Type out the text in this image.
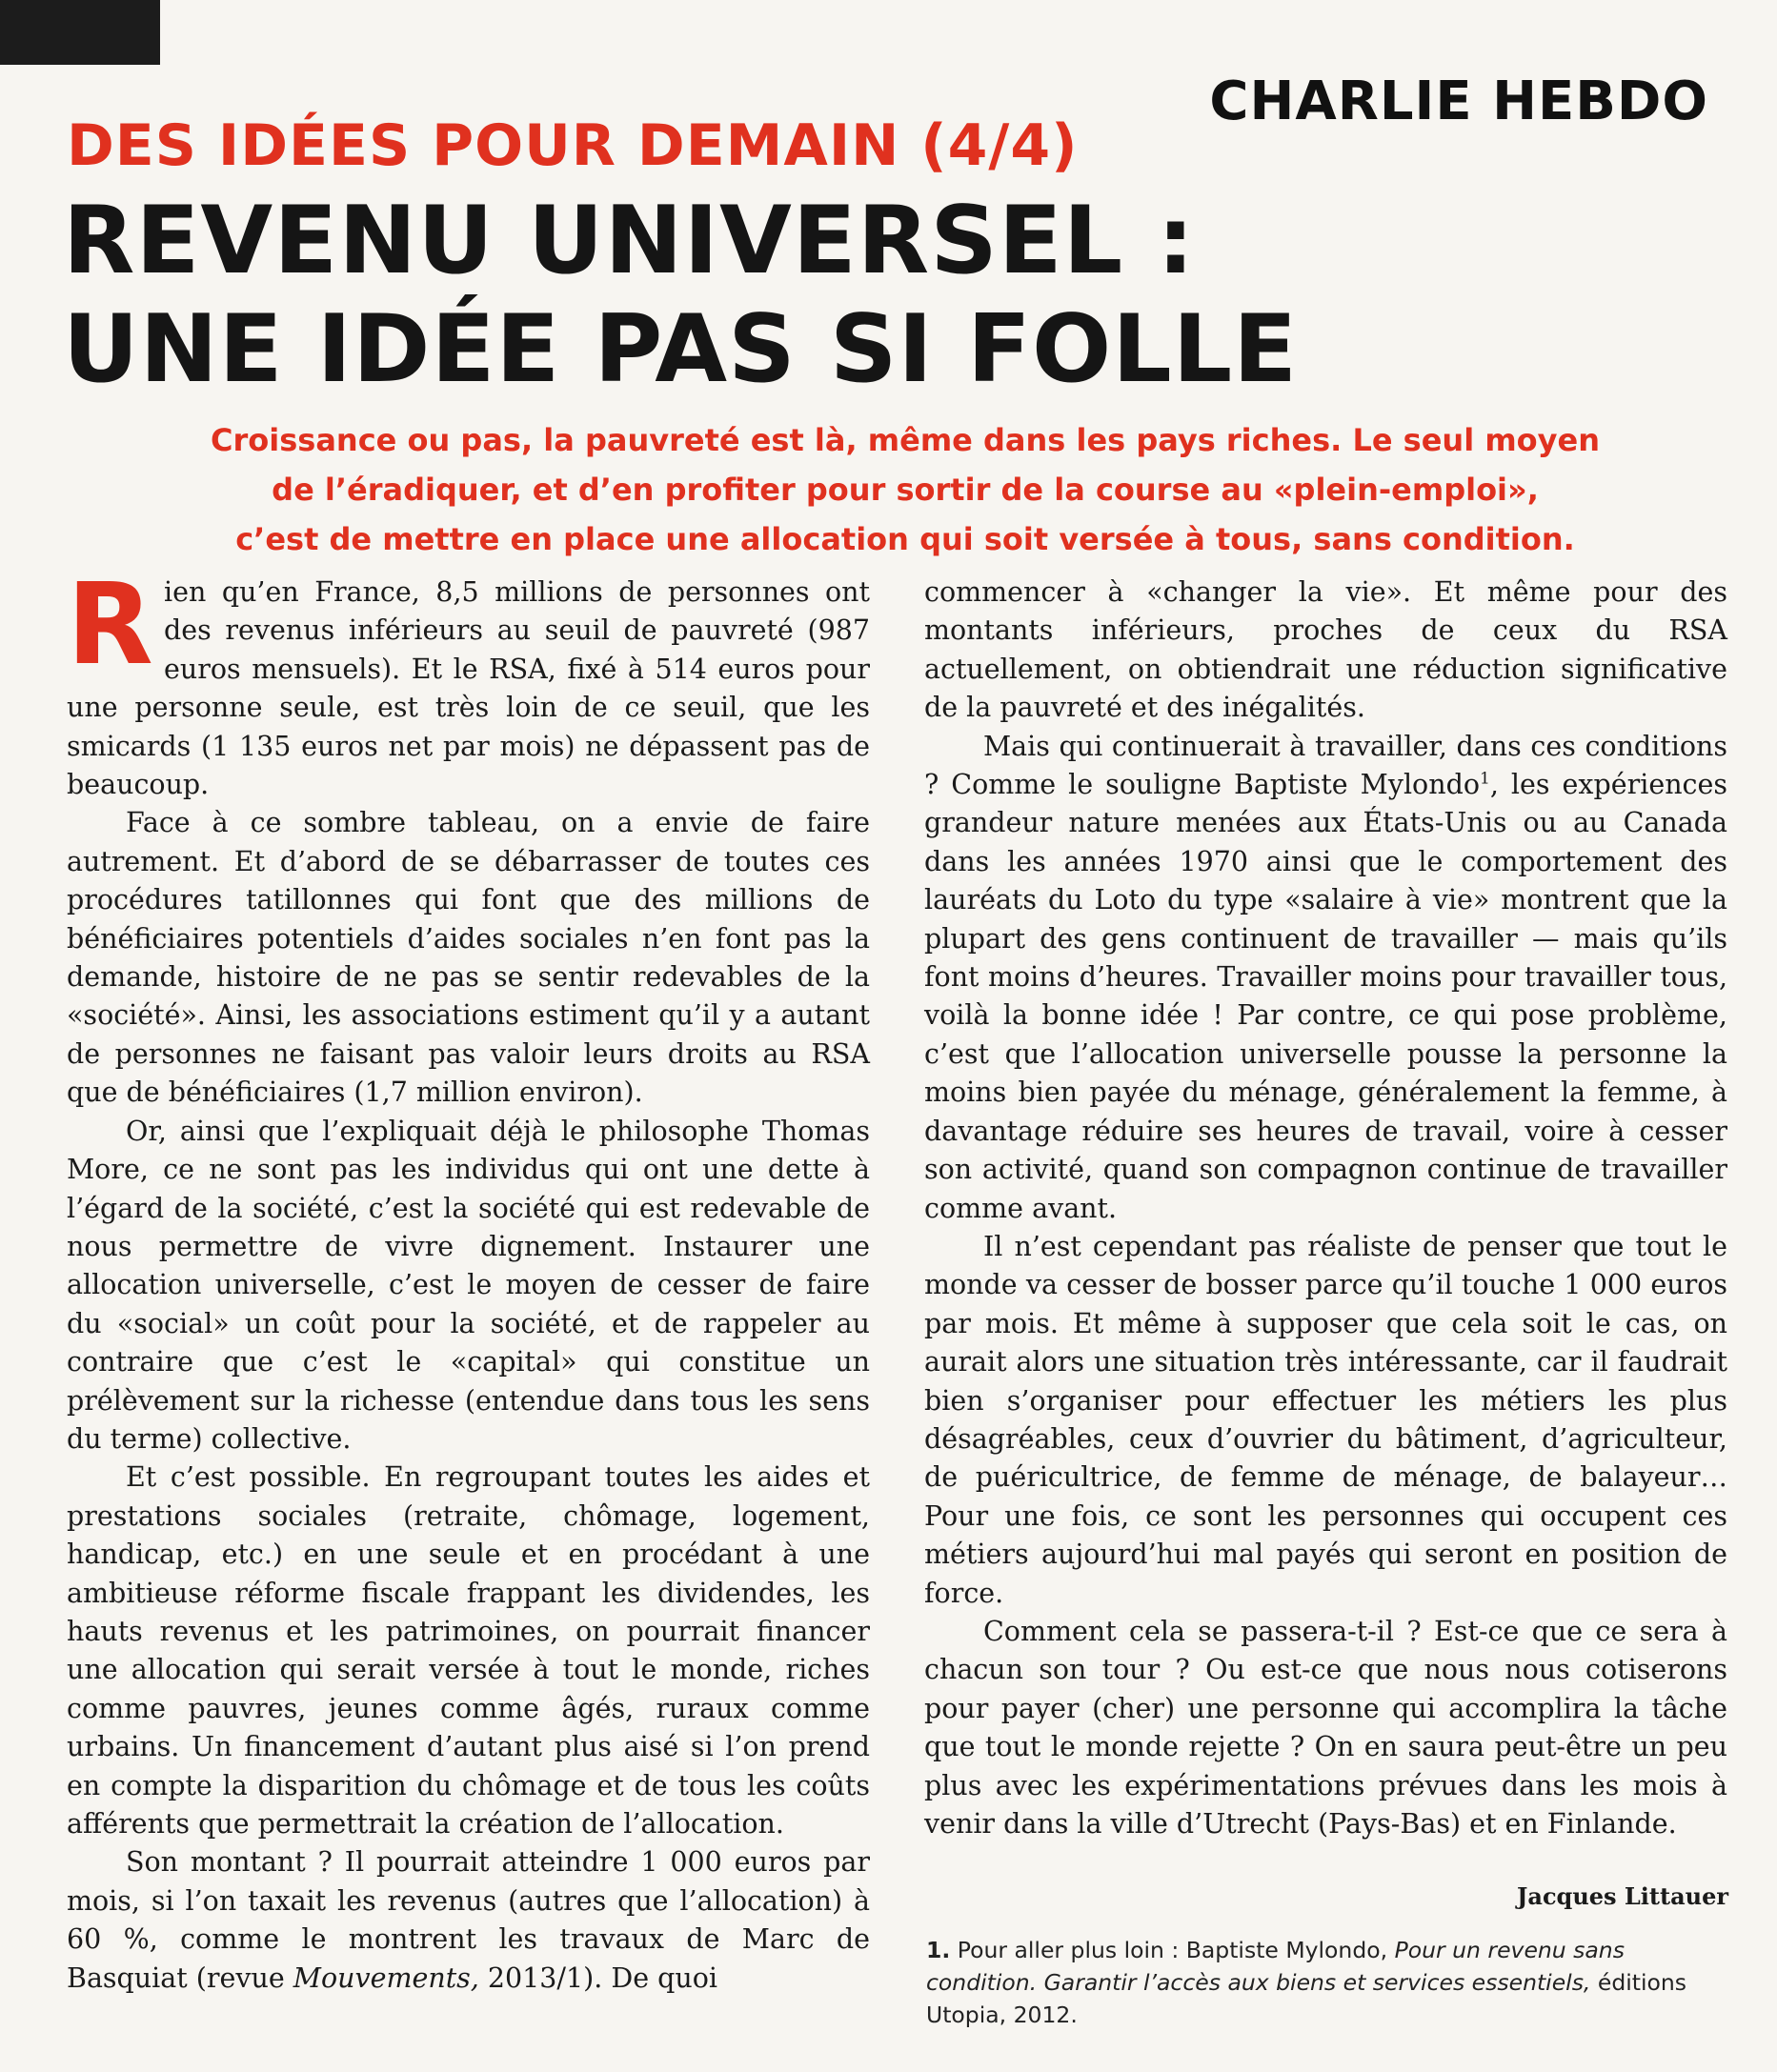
CHARLIE HEBDO
DES IDÉES POUR DEMAIN (4/4)
REVENU UNIVERSEL :
UNE IDÉE PAS SI FOLLE
Croissance ou pas, la pauvreté est là, même dans les pays riches. Le seul moyen
de l’éradiquer, et d’en profiter pour sortir de la course au «plein-emploi»,
c’est de mettre en place une allocation qui soit versée à tous, sans condition.

Rien qu’en France, 8,5 millions de personnes ont des revenus inférieurs au seuil de pauvreté (987 euros mensuels). Et le RSA, fixé à 514 euros pour une personne seule, est très loin de ce seuil, que les smicards (1 135 euros net par mois) ne dépassent pas de beaucoup.

Face à ce sombre tableau, on a envie de faire autrement. Et d’abord de se débarrasser de toutes ces procédures tatillonnes qui font que des millions de bénéficiaires potentiels d’aides sociales n’en font pas la demande, histoire de ne pas se sentir redevables de la «société». Ainsi, les associations estiment qu’il y a autant de personnes ne faisant pas valoir leurs droits au RSA que de bénéficiaires (1,7 million environ).

Or, ainsi que l’expliquait déjà le philosophe Thomas More, ce ne sont pas les individus qui ont une dette à l’égard de la société, c’est la société qui est redevable de nous permettre de vivre dignement. Instaurer une allocation universelle, c’est le moyen de cesser de faire du «social» un coût pour la société, et de rappeler au contraire que c’est le «capital» qui constitue un prélèvement sur la richesse (entendue dans tous les sens du terme) collective.

Et c’est possible. En regroupant toutes les aides et prestations sociales (retraite, chômage, logement, handicap, etc.) en une seule et en procédant à une ambitieuse réforme fiscale frappant les dividendes, les hauts revenus et les patrimoines, on pourrait financer une allocation qui serait versée à tout le monde, riches comme pauvres, jeunes comme âgés, ruraux comme urbains. Un financement d’autant plus aisé si l’on prend en compte la disparition du chômage et de tous les coûts afférents que permettrait la création de l’allocation.

Son montant ? Il pourrait atteindre 1 000 euros par mois, si l’on taxait les revenus (autres que l’allocation) à 60 %, comme le montrent les travaux de Marc de Basquiat (revue Mouvements, 2013/1). De quoi

commencer à «changer la vie». Et même pour des montants inférieurs, proches de ceux du RSA actuellement, on obtiendrait une réduction significative de la pauvreté et des inégalités.

Mais qui continuerait à travailler, dans ces conditions ? Comme le souligne Baptiste Mylondo$^1$, les expériences grandeur nature menées aux États-Unis ou au Canada dans les années 1970 ainsi que le comportement des lauréats du Loto du type «salaire à vie» montrent que la plupart des gens continuent de travailler — mais qu’ils font moins d’heures. Travailler moins pour travailler tous, voilà la bonne idée ! Par contre, ce qui pose problème, c’est que l’allocation universelle pousse la personne la moins bien payée du ménage, généralement la femme, à davantage réduire ses heures de travail, voire à cesser son activité, quand son compagnon continue de travailler comme avant.

Il n’est cependant pas réaliste de penser que tout le monde va cesser de bosser parce qu’il touche 1 000 euros par mois. Et même à supposer que cela soit le cas, on aurait alors une situation très intéressante, car il faudrait bien s’organiser pour effectuer les métiers les plus désagréables, ceux d’ouvrier du bâtiment, d’agriculteur, de puéricultrice, de femme de ménage, de balayeur… Pour une fois, ce sont les personnes qui occupent ces métiers aujourd’hui mal payés qui seront en position de force.

Comment cela se passera-t-il ? Est-ce que ce sera à chacun son tour ? Ou est-ce que nous nous cotiserons pour payer (cher) une personne qui accomplira la tâche que tout le monde rejette ? On en saura peut-être un peu plus avec les expérimentations prévues dans les mois à venir dans la ville d’Utrecht (Pays-Bas) et en Finlande.

Jacques Littauer

1. Pour aller plus loin : Baptiste Mylondo, Pour un revenu sans condition. Garantir l’accès aux biens et services essentiels, éditions Utopia, 2012.
